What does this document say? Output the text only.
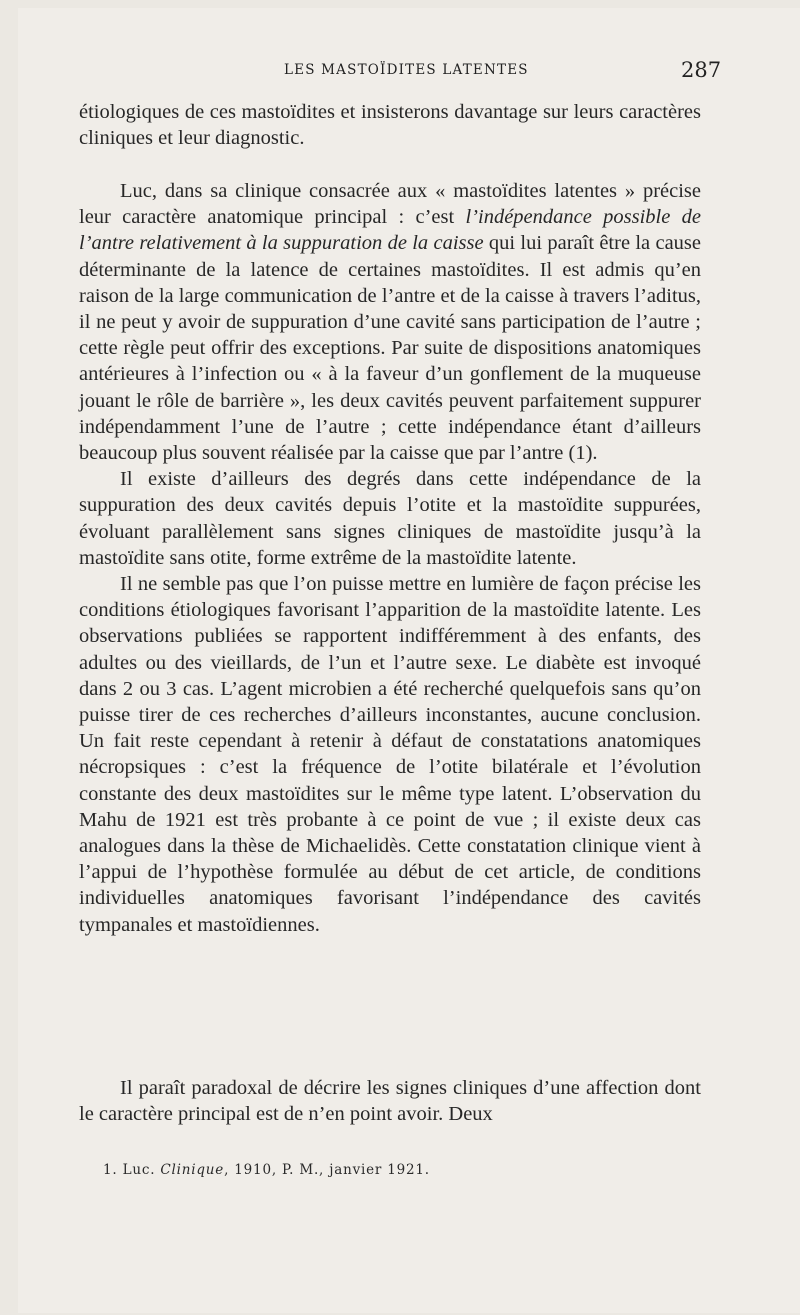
LES MASTOÏDITES LATENTES	287

étiologiques de ces mastoïdites et insisterons davantage sur leurs caractères cliniques et leur diagnostic.

Luc, dans sa clinique consacrée aux « mastoïdites latentes » précise leur caractère anatomique principal : c’est l’indépendance possible de l’antre relativement à la suppuration de la caisse qui lui paraît être la cause déterminante de la latence de certaines mastoïdites. Il est admis qu’en raison de la large communication de l’antre et de la caisse à travers l’aditus, il ne peut y avoir de suppuration d’une cavité sans participation de l’autre ; cette règle peut offrir des exceptions. Par suite de dispositions anatomiques antérieures à l’infection ou « à la faveur d’un gonflement de la muqueuse jouant le rôle de barrière », les deux cavités peuvent parfaitement suppurer indépendamment l’une de l’autre ; cette indépendance étant d’ailleurs beaucoup plus souvent réalisée par la caisse que par l’antre (1).

Il existe d’ailleurs des degrés dans cette indépendance de la suppuration des deux cavités depuis l’otite et la mastoïdite suppurées, évoluant parallèlement sans signes cliniques de mastoïdite jusqu’à la mastoïdite sans otite, forme extrême de la mastoïdite latente.

Il ne semble pas que l’on puisse mettre en lumière de façon précise les conditions étiologiques favorisant l’apparition de la mastoïdite latente. Les observations publiées se rapportent indifféremment à des enfants, des adultes ou des vieillards, de l’un et l’autre sexe. Le diabète est invoqué dans 2 ou 3 cas. L’agent microbien a été recherché quelquefois sans qu’on puisse tirer de ces recherches d’ailleurs inconstantes, aucune conclusion. Un fait reste cependant à retenir à défaut de constatations anatomiques nécropsiques : c’est la fréquence de l’otite bilatérale et l’évolution constante des deux mastoïdites sur le même type latent. L’observation du Mahu de 1921 est très probante à ce point de vue ; il existe deux cas analogues dans la thèse de Michaelidès. Cette constatation clinique vient à l’appui de l’hypothèse formulée au début de cet article, de conditions individuelles anatomiques favorisant l’indépendance des cavités tympanales et mastoïdiennes.

Il paraît paradoxal de décrire les signes cliniques d’une affection dont le caractère principal est de n’en point avoir. Deux

1. Luc. Clinique, 1910, P. M., janvier 1921.
